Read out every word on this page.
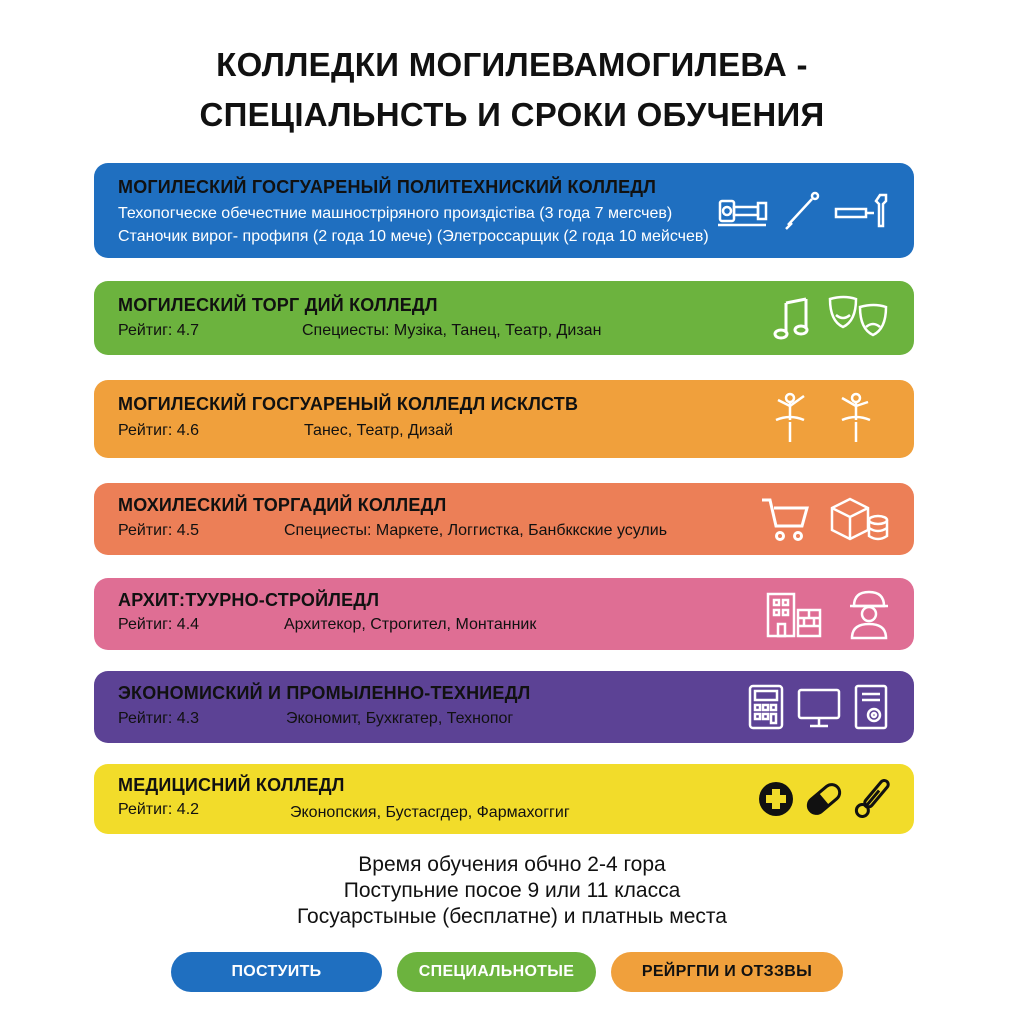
КОЛЛЕДКИ МОГИЛЕВАМОГИЛЕВА -
СПЕЦІАЛЬНСТЬ И СРОКИ ОБУЧЕНИЯ
МОГИЛЕСКИЙ ГОСГУАРЕНЫЙ ПОЛИТЕХНИСКИЙ КОЛЛЕДЛ
Техопогческе обечестние машностріряного произдістіва (3 года 7 мегсчев)
Станочик вирог- профипя (2 года 10 мече) (Элетроссарщик (2 года 10 мейсчев)
МОГИЛЕСКИЙ ТОРГ ДИЙ КОЛЛЕДЛ
Рейтиг: 4.7	Специесты: Музіка, Танец, Театр, Дизан
МОГИЛЕСКИЙ ГОСГУАРЕНЫЙ КОЛЛЕДЛ ИСКЛСТВ
Рейтиг: 4.6	Танес, Театр, Дизай
МОХИЛЕСКИЙ ТОРГАДИЙ КОЛЛЕДЛ
Рейтиг: 4.5	Специесты: Маркете, Логгистка, Банбккские усулиь
АРХИТ:ТУУРНО-СТРОЙЛЕДЛ
Рейтиг: 4.4	Архитекор, Строгител, Монтанник
ЭКОНОМИСКИЙ И ПРОМЫЛЕННО-ТЕХНИЕДЛ
Рейтиг: 4.3	Экономит, Бухкгатер, Технопог
МЕДИЦИСНИЙ КОЛЛЕДЛ
Рейтиг: 4.2	Эконопския, Бустасгдер, Фармахоггиг
Время обучения обчно 2-4 гора
Поступьние посое 9 или 11 класса
Госуарстыные (бесплатне) и платныь места
ПОСТУИТЬ	СПЕЦИАЛЬНОТЫЕ	РЕЙРГПИ И ОТЗЗВЫ
